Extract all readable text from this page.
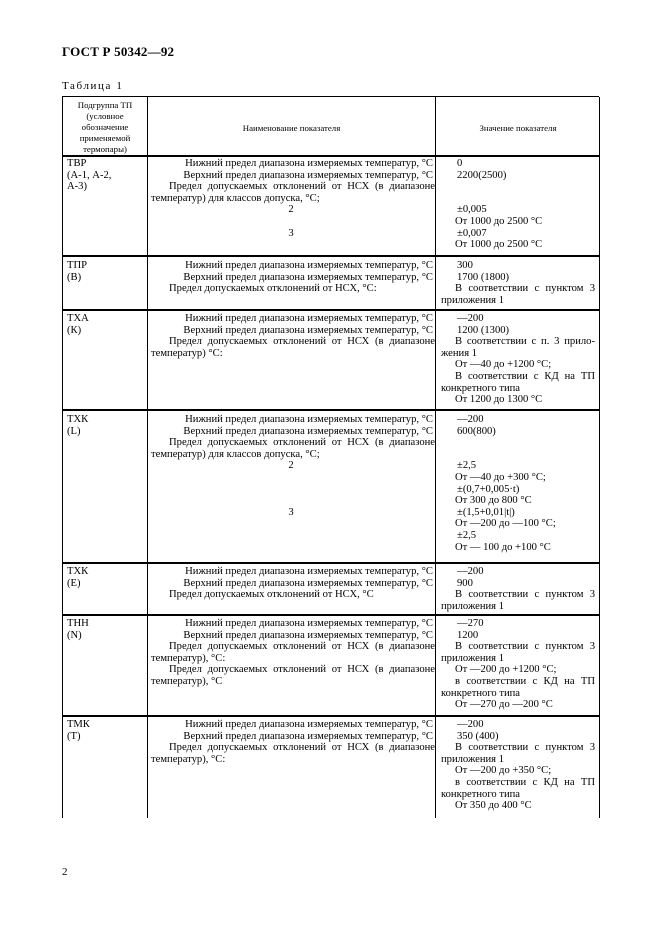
ГОСТ Р 50342—92
Таблица 1
Подгруппа ТП
(условное
обозначение
применяемой
термопары)
Наименование показателя	Значение показателя
ТВР
(А-1, А-2,
А-3)
Нижний предел диапазона измеряемых температур, °С
Верхний предел диапазона измеряемых температур, °С
Предел допускаемых отклонений от НСХ (в диапазоне
температур) для классов допуска, °С;
2
3
0
2200(2500)
±0,005
От 1000 до 2500 °С
±0,007
От 1000 до 2500 °С
ТПР
(В)
Нижний предел диапазона измеряемых температур, °С
Верхний предел диапазона измеряемых температур, °С
Предел допускаемых отклонений от НСХ, °С:
300
1700 (1800)
В соответствии с пунктом 3
приложения 1
ТХА
(К)
Нижний предел диапазона измеряемых температур, °С
Верхний предел диапазона измеряемых температур, °С
Предел допускаемых отклонений от НСХ (в диапазоне
температур) °С:
—200
1200 (1300)
В соответствии с п. 3 прило-
жения 1
От —40 до +1200 °С;
В соответствии с КД на ТП
конкретного типа
От 1200 до 1300 °С
ТХК
(L)
Нижний предел диапазона измеряемых температур, °С
Верхний предел диапазона измеряемых температур, °С
Предел допускаемых отклонений от НСХ (в диапазоне
температур) для классов допуска, °С;
2
3
—200
600(800)
±2,5
От —40 до +300 °С;
±(0,7+0,005·t)
От 300 до 800 °С
±(1,5+0,01|t|)
От —200 до —100 °С;
±2,5
От — 100 до +100 °С
ТХК
(Е)
Нижний предел диапазона измеряемых температур, °С
Верхний предел диапазона измеряемых температур, °С
Предел допускаемых отклонений от НСХ, °С
—200
900
В соответствии с пунктом 3
приложения 1
ТНН
(N)
Нижний предел диапазона измеряемых температур, °С
Верхний предел диапазона измеряемых температур, °С
Предел допускаемых отклонений от НСХ (в диапазоне
температур), °С:
Предел допускаемых отклонений от НСХ (в диапазоне
температур), °С
—270
1200
В соответствии с пунктом 3
приложения 1
От —200 до +1200 °С;
в соответствии с КД на ТП
конкретного типа
От —270 до —200 °С
ТМК
(Т)
Нижний предел диапазона измеряемых температур, °С
Верхний предел диапазона измеряемых температур, °С
Предел допускаемых отклонений от НСХ (в диапазоне
температур), °С:
—200
350 (400)
В соответствии с пунктом 3
приложения 1
От —200 до +350 °С;
в соответствии с КД на ТП
конкретного типа
От 350 до 400 °С
2
